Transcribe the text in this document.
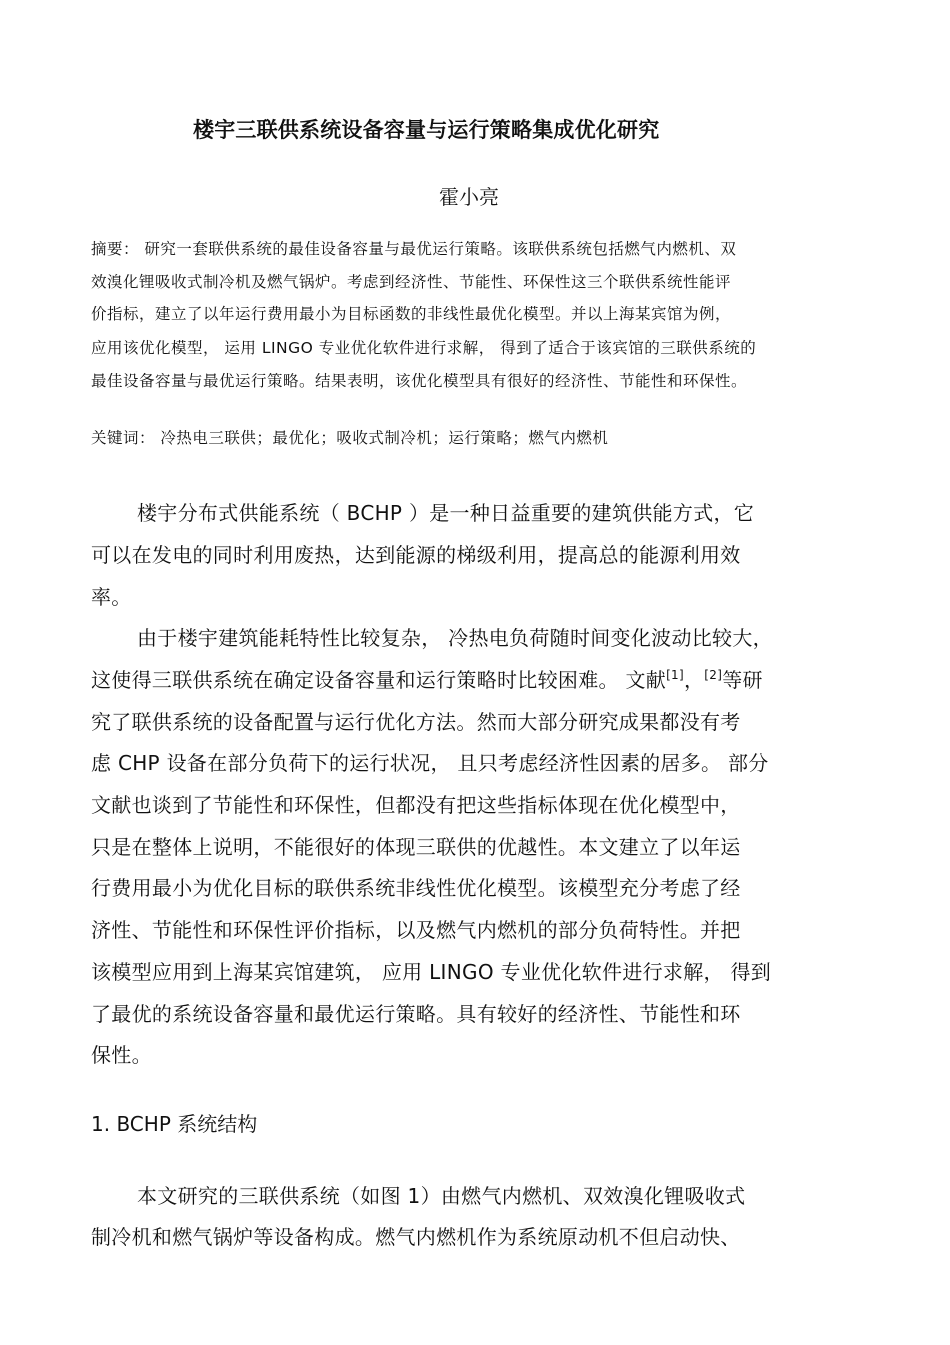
楼宇三联供系统设备容量与运行策略集成优化研究
霍小亮
摘要： 研究一套联供系统的最佳设备容量与最优运行策略。该联供系统包括燃气内燃机、双
效溴化锂吸收式制冷机及燃气锅炉。考虑到经济性、节能性、环保性这三个联供系统性能评
价指标，建立了以年运行费用最小为目标函数的非线性最优化模型。并以上海某宾馆为例，
应用该优化模型， 运用 LINGO 专业优化软件进行求解， 得到了适合于该宾馆的三联供系统的
最佳设备容量与最优运行策略。结果表明，该优化模型具有很好的经济性、节能性和环保性。
关键词： 冷热电三联供；最优化；吸收式制冷机；运行策略；燃气内燃机
楼宇分布式供能系统（ BCHP ）是一种日益重要的建筑供能方式，它
可以在发电的同时利用废热，达到能源的梯级利用，提高总的能源利用效
率。
由于楼宇建筑能耗特性比较复杂， 冷热电负荷随时间变化波动比较大，
这使得三联供系统在确定设备容量和运行策略时比较困难。 文献[1]，[2]等研
究了联供系统的设备配置与运行优化方法。然而大部分研究成果都没有考
虑 CHP 设备在部分负荷下的运行状况， 且只考虑经济性因素的居多。 部分
文献也谈到了节能性和环保性，但都没有把这些指标体现在优化模型中，
只是在整体上说明，不能很好的体现三联供的优越性。本文建立了以年运
行费用最小为优化目标的联供系统非线性优化模型。该模型充分考虑了经
济性、节能性和环保性评价指标，以及燃气内燃机的部分负荷特性。并把
该模型应用到上海某宾馆建筑， 应用 LINGO 专业优化软件进行求解， 得到
了最优的系统设备容量和最优运行策略。具有较好的经济性、节能性和环
保性。
1. BCHP 系统结构
本文研究的三联供系统（如图 1）由燃气内燃机、双效溴化锂吸收式
制冷机和燃气锅炉等设备构成。燃气内燃机作为系统原动机不但启动快、
